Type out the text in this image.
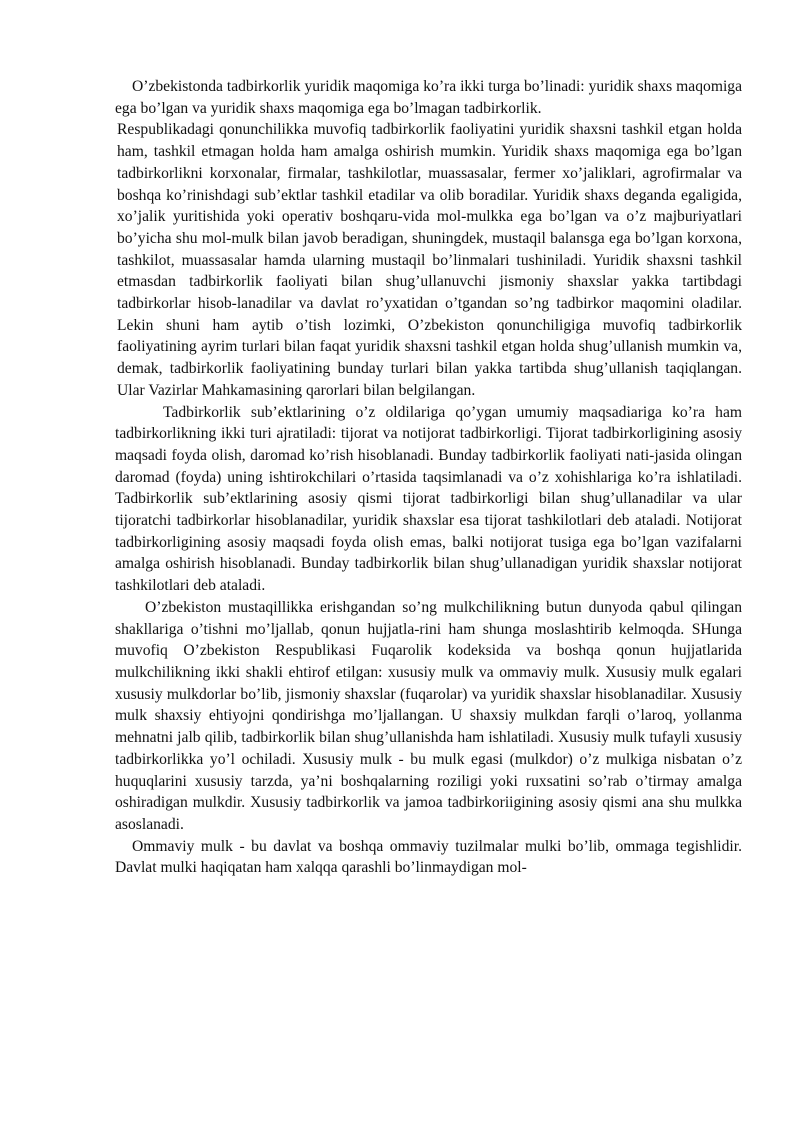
O’zbekistonda tadbirkorlik yuridik maqomiga ko’ra ikki turga bo’linadi: yuridik shaxs maqomiga ega bo’lgan va yuridik shaxs maqomiga ega bo’lmagan tadbirkorlik.

Respublikadagi qonunchilikka muvofiq tadbirkorlik faoliyatini yuridik shaxsni tashkil etgan holda ham, tashkil etmagan holda ham amalga oshirish mumkin. Yuridik shaxs maqomiga ega bo’lgan tadbirkorlikni korxonalar, firmalar, tashkilotlar, muassasalar, fermer xo’jaliklari, agrofirmalar va boshqa ko’rinishdagi sub’ektlar tashkil etadilar va olib boradilar. Yuridik shaxs deganda egaligida, xo’jalik yuritishida yoki operativ boshqaru-vida mol-mulkka ega bo’lgan va o’z majburiyatlari bo’yicha shu mol-mulk bilan javob beradigan, shuningdek, mustaqil balansga ega bo’lgan korxona, tashkilot, muassasalar hamda ularning mustaqil bo’linmalari tushiniladi. Yuridik shaxsni tashkil etmasdan tadbirkorlik faoliyati bilan shug’ullanuvchi jismoniy shaxslar yakka tartibdagi tadbirkorlar hisob-lanadilar va davlat ro’yxatidan o’tgandan so’ng tadbirkor maqomini oladilar. Lekin shuni ham aytib o’tish lozimki, O’zbekiston qonunchiligiga muvofiq tadbirkorlik faoliyatining ayrim turlari bilan faqat yuridik shaxsni tashkil etgan holda shug’ullanish mumkin va, demak, tadbirkorlik faoliyatining bunday turlari bilan yakka tartibda shug’ullanish taqiqlangan. Ular Vazirlar Mahkamasining qarorlari bilan belgilangan.

Tadbirkorlik sub’ektlarining o’z oldilariga qo’ygan umumiy maqsadiariga ko’ra ham tadbirkorlikning ikki turi ajratiladi: tijorat va notijorat tadbirkorligi. Tijorat tadbirkorligining asosiy maqsadi foyda olish, daromad ko’rish hisoblanadi. Bunday tadbirkorlik faoliyati nati-jasida olingan daromad (foyda) uning ishtirokchilari o’rtasida taqsimlanadi va o’z xohishlariga ko’ra ishlatiladi. Tadbirkorlik sub’ektlarining asosiy qismi tijorat tadbirkorligi bilan shug’ullanadilar va ular tijoratchi tadbirkorlar hisoblanadilar, yuridik shaxslar esa tijorat tashkilotlari deb ataladi. Notijorat tadbirkorligining asosiy maqsadi foyda olish emas, balki notijorat tusiga ega bo’lgan vazifalarni amalga oshirish hisoblanadi. Bunday tadbirkorlik bilan shug’ullanadigan yuridik shaxslar notijorat tashkilotlari deb ataladi.

O’zbekiston mustaqillikka erishgandan so’ng mulkchilikning butun dunyoda qabul qilingan shakllariga o’tishni mo’ljallab, qonun hujjatla-rini ham shunga moslashtirib kelmoqda. SHunga muvofiq O’zbekiston Respublikasi Fuqarolik kodeksida va boshqa qonun hujjatlarida mulkchilikning ikki shakli ehtirof etilgan: xususiy mulk va ommaviy mulk. Xususiy mulk egalari xususiy mulkdorlar bo’lib, jismoniy shaxslar (fuqarolar) va yuridik shaxslar hisoblanadilar. Xususiy mulk shaxsiy ehtiyojni qondirishga mo’ljallangan. U shaxsiy mulkdan farqli o’laroq, yollanma mehnatni jalb qilib, tadbirkorlik bilan shug’ullanishda ham ishlatiladi. Xususiy mulk tufayli xususiy tadbirkorlikka yo’l ochiladi. Xususiy mulk - bu mulk egasi (mulkdor) o’z mulkiga nisbatan o’z huquqlarini xususiy tarzda, ya’ni boshqalarning roziligi yoki ruxsatini so’rab o’tirmay amalga oshiradigan mulkdir. Xususiy tadbirkorlik va jamoa tadbirkoriigining asosiy qismi ana shu mulkka asoslanadi.

Ommaviy mulk - bu davlat va boshqa ommaviy tuzilmalar mulki bo’lib, ommaga tegishlidir. Davlat mulki haqiqatan ham xalqqa qarashli bo’linmaydigan mol-
